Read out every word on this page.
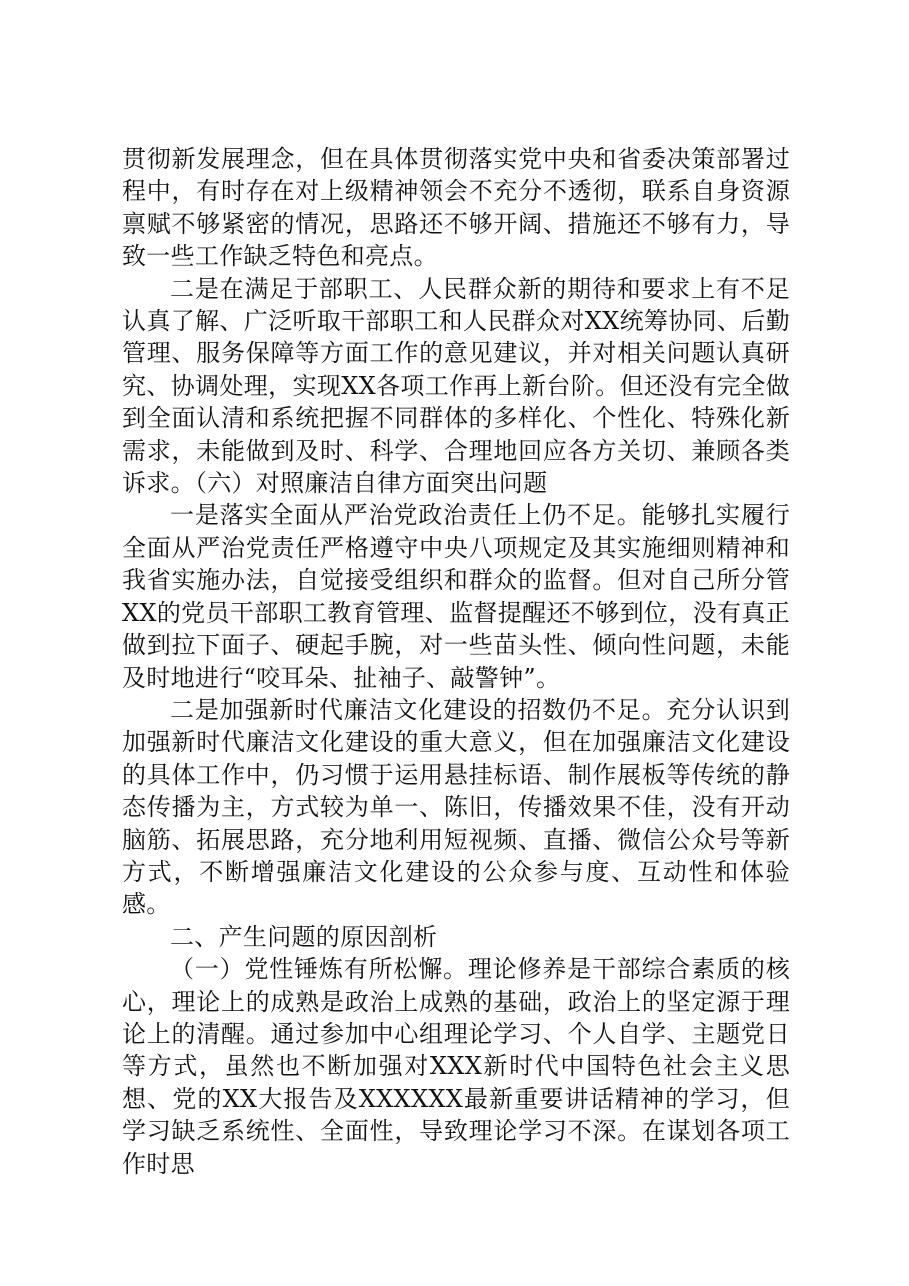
贯彻新发展理念，但在具体贯彻落实党中央和省委决策部署过程中，有时存在对上级精神领会不充分不透彻，联系自身资源禀赋不够紧密的情况，思路还不够开阔、措施还不够有力，导致一些工作缺乏特色和亮点。

二是在满足于部职工、人民群众新的期待和要求上有不足认真了解、广泛听取干部职工和人民群众对XX统筹协同、后勤管理、服务保障等方面工作的意见建议，并对相关问题认真研究、协调处理，实现XX各项工作再上新台阶。但还没有完全做到全面认清和系统把握不同群体的多样化、个性化、特殊化新需求，未能做到及时、科学、合理地回应各方关切、兼顾各类诉求。（六）对照廉洁自律方面突出问题

一是落实全面从严治党政治责任上仍不足。能够扎实履行全面从严治党责任严格遵守中央八项规定及其实施细则精神和我省实施办法，自觉接受组织和群众的监督。但对自己所分管XX的党员干部职工教育管理、监督提醒还不够到位，没有真正做到拉下面子、硬起手腕，对一些苗头性、倾向性问题，未能及时地进行“咬耳朵、扯袖子、敲警钟”。

二是加强新时代廉洁文化建设的招数仍不足。充分认识到加强新时代廉洁文化建设的重大意义，但在加强廉洁文化建设的具体工作中，仍习惯于运用悬挂标语、制作展板等传统的静态传播为主，方式较为单一、陈旧，传播效果不佳，没有开动脑筋、拓展思路，充分地利用短视频、直播、微信公众号等新方式，不断增强廉洁文化建设的公众参与度、互动性和体验感。

二、产生问题的原因剖析

（一）党性锤炼有所松懈。理论修养是干部综合素质的核心，理论上的成熟是政治上成熟的基础，政治上的坚定源于理论上的清醒。通过参加中心组理论学习、个人自学、主题党日等方式，虽然也不断加强对XXX新时代中国特色社会主义思想、党的XX大报告及XXXXXX最新重要讲话精神的学习，但学习缺乏系统性、全面性，导致理论学习不深。在谋划各项工作时思
